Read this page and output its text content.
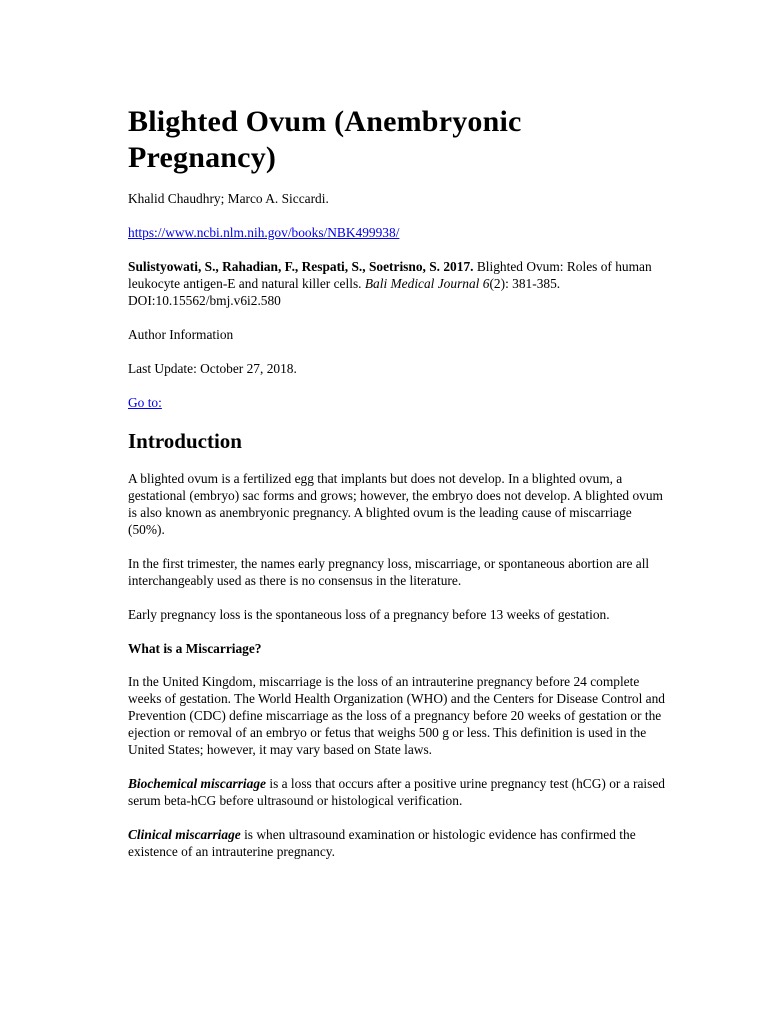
Blighted Ovum (Anembryonic Pregnancy)

Khalid Chaudhry; Marco A. Siccardi.

https://www.ncbi.nlm.nih.gov/books/NBK499938/

Sulistyowati, S., Rahadian, F., Respati, S., Soetrisno, S. 2017. Blighted Ovum: Roles of human leukocyte antigen-E and natural killer cells. Bali Medical Journal 6(2): 381-385. DOI:10.15562/bmj.v6i2.580

Author Information

Last Update: October 27, 2018.

Go to:

Introduction

A blighted ovum is a fertilized egg that implants but does not develop. In a blighted ovum, a gestational (embryo) sac forms and grows; however, the embryo does not develop. A blighted ovum is also known as anembryonic pregnancy. A blighted ovum is the leading cause of miscarriage (50%).

In the first trimester, the names early pregnancy loss, miscarriage, or spontaneous abortion are all interchangeably used as there is no consensus in the literature.

Early pregnancy loss is the spontaneous loss of a pregnancy before 13 weeks of gestation.

What is a Miscarriage?

In the United Kingdom, miscarriage is the loss of an intrauterine pregnancy before 24 complete weeks of gestation. The World Health Organization (WHO) and the Centers for Disease Control and Prevention (CDC) define miscarriage as the loss of a pregnancy before 20 weeks of gestation or the ejection or removal of an embryo or fetus that weighs 500 g or less. This definition is used in the United States; however, it may vary based on State laws.

Biochemical miscarriage is a loss that occurs after a positive urine pregnancy test (hCG) or a raised serum beta-hCG before ultrasound or histological verification.

Clinical miscarriage is when ultrasound examination or histologic evidence has confirmed the existence of an intrauterine pregnancy.
